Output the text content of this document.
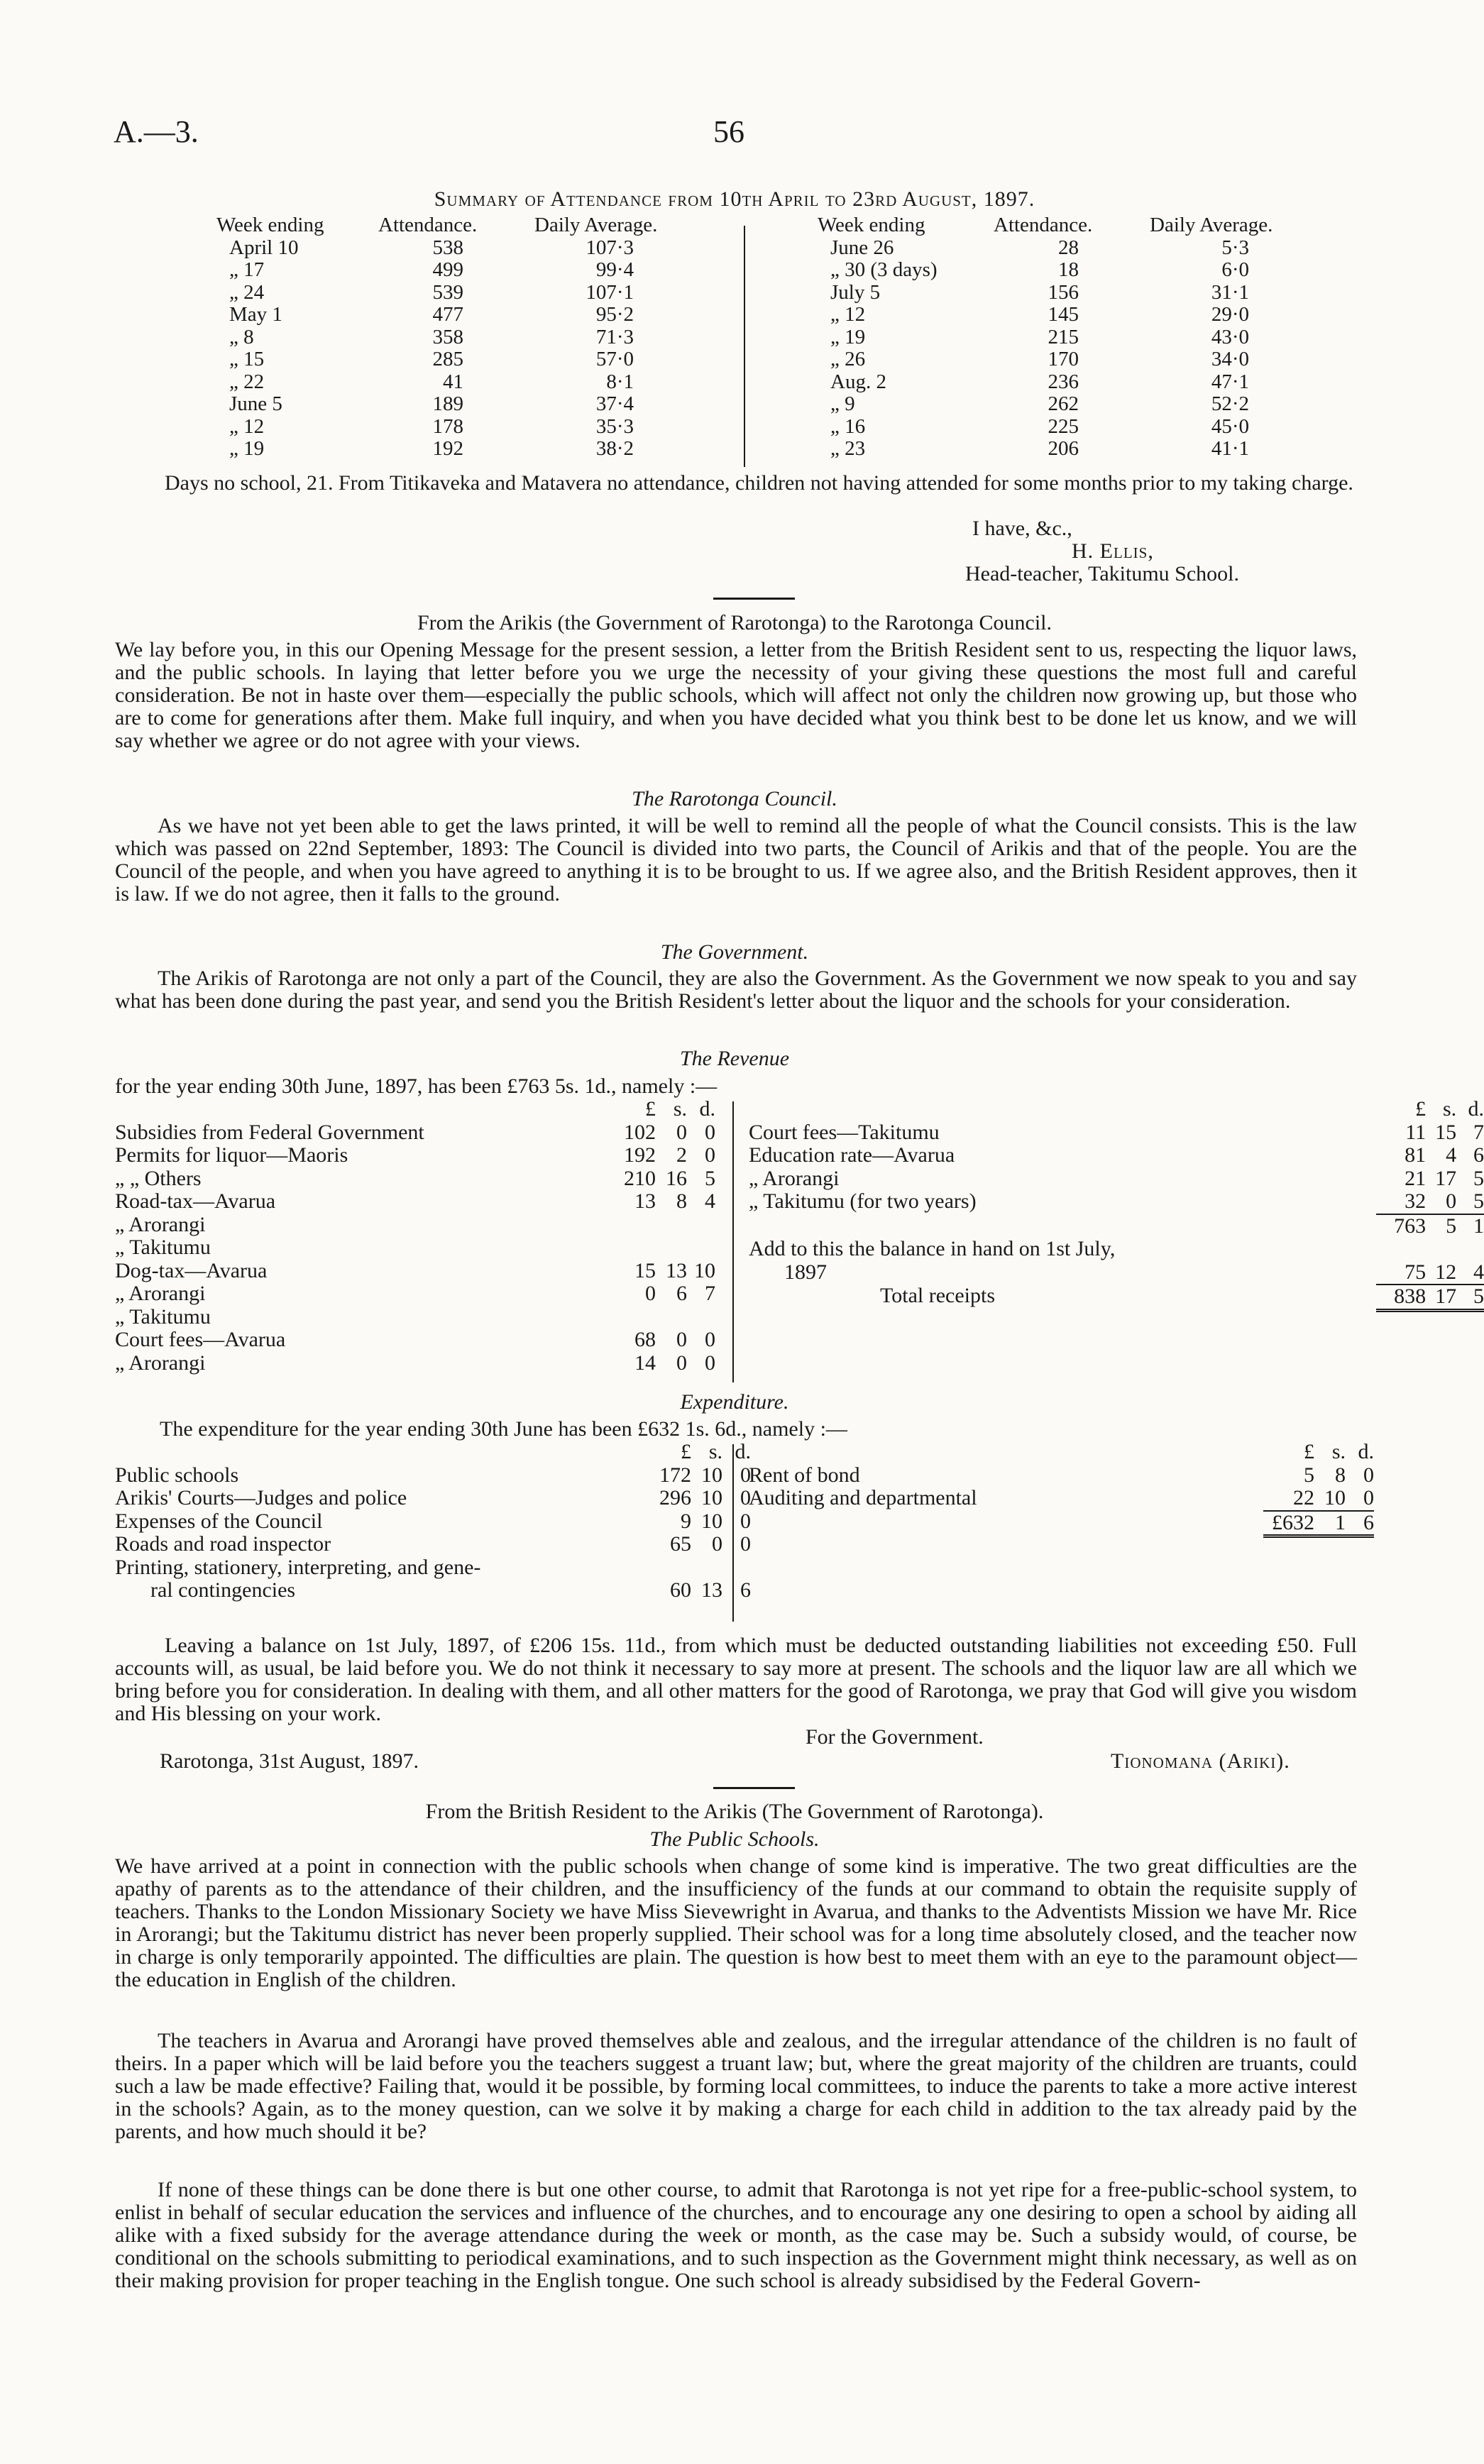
A.—3.	56
Summary of Attendance from 10th April to 23rd August, 1897.
Week ending	Attendance.	Daily Average.
April 10	538	107·3
„ 17	499	99·4
„ 24	539	107·1
May 1	477	95·2
„ 8	358	71·3
„ 15	285	57·0
„ 22	41	8·1
June 5	189	37·4
„ 12	178	35·3
„ 19	192	38·2
Week ending	Attendance.	Daily Average.
June 26	28	5·3
„ 30 (3 days)	18	6·0
July 5	156	31·1
„ 12	145	29·0
„ 19	215	43·0
„ 26	170	34·0
Aug. 2	236	47·1
„ 9	262	52·2
„ 16	225	45·0
„ 23	206	41·1

Days no school, 21. From Titikaveka and Matavera no attendance, children not having attended for some months prior to my taking charge.

I have, &c.,
H. Ellis,
Head-teacher, Takitumu School.
From the Arikis (the Government of Rarotonga) to the Rarotonga Council.

We lay before you, in this our Opening Message for the present session, a letter from the British Resident sent to us, respecting the liquor laws, and the public schools. In laying that letter before you we urge the necessity of your giving these questions the most full and careful consideration. Be not in haste over them—especially the public schools, which will affect not only the children now growing up, but those who are to come for generations after them. Make full inquiry, and when you have decided what you think best to be done let us know, and we will say whether we agree or do not agree with your views.

The Rarotonga Council.

As we have not yet been able to get the laws printed, it will be well to remind all the people of what the Council consists. This is the law which was passed on 22nd September, 1893: The Council is divided into two parts, the Council of Arikis and that of the people. You are the Council of the people, and when you have agreed to anything it is to be brought to us. If we agree also, and the British Resident approves, then it is law. If we do not agree, then it falls to the ground.

The Government.

The Arikis of Rarotonga are not only a part of the Council, they are also the Government. As the Government we now speak to you and say what has been done during the past year, and send you the British Resident's letter about the liquor and the schools for your consideration.

The Revenue
for the year ending 30th June, 1897, has been £763 5s. 1d., namely :—
	£	s.	d.
Subsidies from Federal Government	102	0	0
Permits for liquor—Maoris	192	2	0
„ „ Others	210	16	5
Road-tax—Avarua	13	8	4
„ Arorangi			
„ Takitumu			
Dog-tax—Avarua	15	13	10
„ Arorangi	0	6	7
„ Takitumu			
Court fees—Avarua	68	0	0
„ Arorangi	14	0	0
	£	s.	d.
Court fees—Takitumu	11	15	7
Education rate—Avarua	81	4	6
„ Arorangi	21	17	5
„ Takitumu (for two years)	32	0	5

	763	5	1

Add to this the balance in hand on 1st July,			
1897	75	12	4
Total receipts	838	17	5
Expenditure.
The expenditure for the year ending 30th June has been £632 1s. 6d., namely :—
	£	s.	d.
Public schools	172	10	0
Arikis' Courts—Judges and police	296	10	0
Expenses of the Council	9	10	0
Roads and road inspector	65	0	0
Printing, stationery, interpreting, and gene-			
ral contingencies	60	13	6
	£	s.	d.
Rent of bond	5	8	0
Auditing and departmental	22	10	0

	£632	1	6

Leaving a balance on 1st July, 1897, of £206 15s. 11d., from which must be deducted outstanding liabilities not exceeding £50. Full accounts will, as usual, be laid before you. We do not think it necessary to say more at present. The schools and the liquor law are all which we bring before you for consideration. In dealing with them, and all other matters for the good of Rarotonga, we pray that God will give you wisdom and His blessing on your work.

For the Government.
Rarotonga, 31st August, 1897.	Tionomana (Ariki).
From the British Resident to the Arikis (The Government of Rarotonga).
The Public Schools.

We have arrived at a point in connection with the public schools when change of some kind is imperative. The two great difficulties are the apathy of parents as to the attendance of their children, and the insufficiency of the funds at our command to obtain the requisite supply of teachers. Thanks to the London Missionary Society we have Miss Sievewright in Avarua, and thanks to the Adventists Mission we have Mr. Rice in Arorangi; but the Takitumu district has never been properly supplied. Their school was for a long time absolutely closed, and the teacher now in charge is only temporarily appointed. The difficulties are plain. The question is how best to meet them with an eye to the paramount object—the education in English of the children.

The teachers in Avarua and Arorangi have proved themselves able and zealous, and the irregular attendance of the children is no fault of theirs. In a paper which will be laid before you the teachers suggest a truant law; but, where the great majority of the children are truants, could such a law be made effective? Failing that, would it be possible, by forming local committees, to induce the parents to take a more active interest in the schools? Again, as to the money question, can we solve it by making a charge for each child in addition to the tax already paid by the parents, and how much should it be?

If none of these things can be done there is but one other course, to admit that Rarotonga is not yet ripe for a free-public-school system, to enlist in behalf of secular education the services and influence of the churches, and to encourage any one desiring to open a school by aiding all alike with a fixed subsidy for the average attendance during the week or month, as the case may be. Such a subsidy would, of course, be conditional on the schools submitting to periodical examinations, and to such inspection as the Government might think necessary, as well as on their making provision for proper teaching in the English tongue. One such school is already subsidised by the Federal Govern-
